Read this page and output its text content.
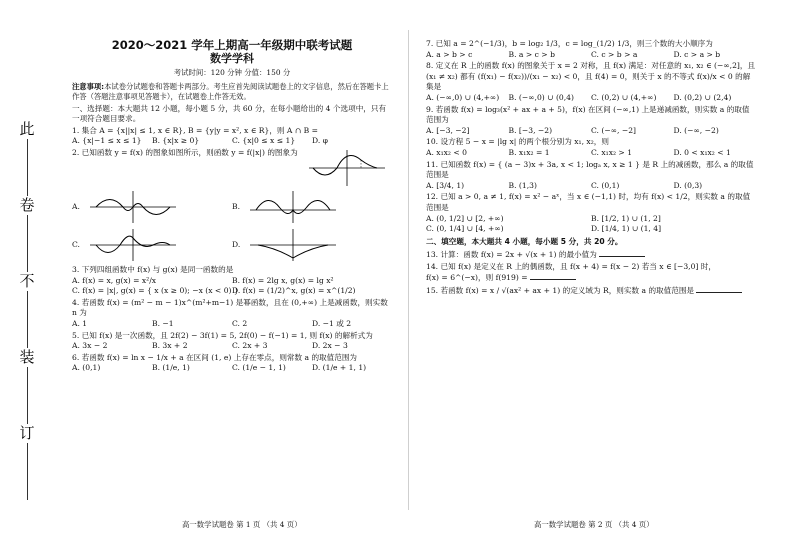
此
卷
不
装
订
2020～2021 学年上期高一年级期中联考试题
数学学科
考试时间：120 分钟 分值：150 分
注意事项:本试卷分试题卷和答题卡两部分。考生应首先阅读试题卷上的文字信息，然后在答题卡上作答（答题注意事项见答题卡），在试题卷上作答无效。
一、选择题：本大题共 12 小题，每小题 5 分，共 60 分，在每小题给出的 4 个选项中，只有一项符合题目要求。
1. 集合 A = {x||x| ≤ 1, x ∈ R}, B = {y|y = x², x ∈ R}，则 A ∩ B =
A. {x|−1 ≤ x ≤ 1}	B. {x|x ≥ 0}	C. {x|0 ≤ x ≤ 1}	D. φ
2. 已知函数 y = f(x) 的图象如图所示，则函数 y = f(|x|) 的图象为
A.	B.
C.	D.
3. 下列四组函数中 f(x) 与 g(x) 是同一函数的是
A. f(x) = x, g(x) = x²/x	B. f(x) = 2lg x, g(x) = lg x²
C. f(x) = |x|, g(x) = { x (x ≥ 0); −x (x < 0) }
D. f(x) = (1/2)^x, g(x) = x^(1/2)
4. 若函数 f(x) = (m² − m − 1)x^(m²+m−1) 是幂函数，且在 (0,+∞) 上是减函数，则实数 n 为
A. 1	B. −1	C. 2	D. −1 或 2
5. 已知 f(x) 是一次函数，且 2f(2) − 3f(1) = 5, 2f(0) − f(−1) = 1, 则 f(x) 的解析式为
A. 3x − 2	B. 3x + 2	C. 2x + 3	D. 2x − 3
6. 若函数 f(x) = ln x − 1/x + a 在区间 (1, e) 上存在零点，则常数 a 的取值范围为
A. (0,1)	B. (1/e, 1)	C. (1/e − 1, 1)	D. (1/e + 1, 1)
高一数学试题卷 第 1 页 （共 4 页）
7. 已知 a = 2^(−1/3)，b = log₂ 1/3，c = log_(1/2) 1/3，则三个数的大小顺序为
A. a > b > c	B. a > c > b	C. c > b > a	D. c > a > b
8. 定义在 R 上的函数 f(x) 的图象关于 x = 2 对称，且 f(x) 满足：对任意的 x₁, x₂ ∈ (−∞,2]，且 (x₁ ≠ x₂) 都有 (f(x₁) − f(x₂))/(x₁ − x₂) < 0，且 f(4) = 0，则关于 x 的不等式 f(x)/x < 0 的解集是
A. (−∞,0) ∪ (4,+∞)	B. (−∞,0) ∪ (0,4)	C. (0,2) ∪ (4,+∞)	D. (0,2) ∪ (2,4)
9. 若函数 f(x) = log₃(x² + ax + a + 5)，f(x) 在区间 (−∞,1) 上是递减函数，则实数 a 的取值范围为
A. [−3, −2]	B. [−3, −2)	C. (−∞, −2]	D. (−∞, −2)
10. 设方程 5 − x = |lg x| 的两个根分别为 x₁, x₂，则
A. x₁x₂ < 0	B. x₁x₂ = 1	C. x₁x₂ > 1	D. 0 < x₁x₂ < 1
11. 已知函数 f(x) = { (a − 3)x + 3a, x < 1; logₐ x, x ≥ 1 } 是 R 上的减函数，那么 a 的取值范围是
A. [3/4, 1)	B. (1,3)	C. (0,1)	D. (0,3)
12. 已知 a > 0, a ≠ 1, f(x) = x² − aˣ，当 x ∈ (−1,1) 时，均有 f(x) < 1/2，则实数 a 的取值范围是
A. (0, 1/2] ∪ [2, +∞)	B. [1/2, 1) ∪ (1, 2]
C. (0, 1/4] ∪ [4, +∞)	D. [1/4, 1) ∪ (1, 4]
二、填空题，本大题共 4 小题，每小题 5 分，共 20 分。
13. 计算：函数 f(x) = 2x + √(x + 1) 的最小值为
14. 已知 f(x) 是定义在 R 上的偶函数，且 f(x + 4) = f(x − 2) 若当 x ∈ [−3,0] 时，
f(x) = 6^(−x)，则 f(919) =
15. 若函数 f(x) = x / √(ax² + ax + 1) 的定义域为 R，则实数 a 的取值范围是
高一数学试题卷 第 2 页 （共 4 页）
